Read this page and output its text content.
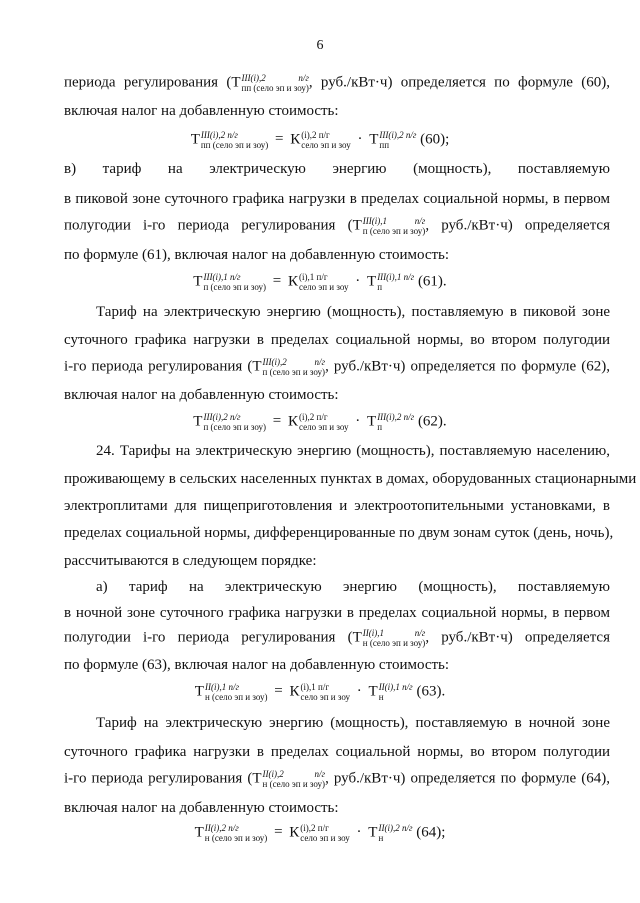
6
периода регулирования (Т III(i),2 п/г
пп (село эп и зоу) , руб./кВт·ч) определяется по формуле (60),
включая налог на добавленную стоимость:
Т III(i),2 п/г
пп (село эп и зоу) = К (i),2 п/г
село эп и зоу · Т III(i),2 п/г
пп	(60);
в) тариф на электрическую энергию (мощность), поставляемую
в пиковой зоне суточного графика нагрузки в пределах социальной нормы, в первом
полугодии i-го периода регулирования (Т III(i),1 п/г
п (село эп и зоу) , руб./кВт·ч) определяется
по формуле (61), включая налог на добавленную стоимость:
Т III(i),1 п/г
п (село эп и зоу) = К (i),1 п/г
село эп и зоу · Т III(i),1 п/г
п	(61).
Тариф на электрическую энергию (мощность), поставляемую в пиковой зоне
суточного графика нагрузки в пределах социальной нормы, во втором полугодии
i-го периода регулирования (Т III(i),2 п/г
п (село эп и зоу) , руб./кВт·ч) определяется по формуле (62),
включая налог на добавленную стоимость:
Т III(i),2 п/г
п (село эп и зоу) = К (i),2 п/г
село эп и зоу · Т III(i),2 п/г
п	(62).
24. Тарифы на электрическую энергию (мощность), поставляемую населению,
проживающему в сельских населенных пунктах в домах, оборудованных стационарными
электроплитами для пищеприготовления и электроотопительными установками, в
пределах социальной нормы, дифференцированные по двум зонам суток (день, ночь),
рассчитываются в следующем порядке:
а) тариф на электрическую энергию (мощность), поставляемую
в ночной зоне суточного графика нагрузки в пределах социальной нормы, в первом
полугодии i-го периода регулирования (Т II(i),1 п/г
н (село эп и зоу) , руб./кВт·ч) определяется
по формуле (63), включая налог на добавленную стоимость:
Т II(i),1 п/г
н (село эп и зоу) = К (i),1 п/г
село эп и зоу · Т II(i),1 п/г
н	(63).
Тариф на электрическую энергию (мощность), поставляемую в ночной зоне
суточного графика нагрузки в пределах социальной нормы, во втором полугодии
i-го периода регулирования (Т II(i),2 п/г
н (село эп и зоу) , руб./кВт·ч) определяется по формуле (64),
включая налог на добавленную стоимость:
Т II(i),2 п/г
н (село эп и зоу) = К (i),2 п/г
село эп и зоу · Т II(i),2 п/г
н	(64);
